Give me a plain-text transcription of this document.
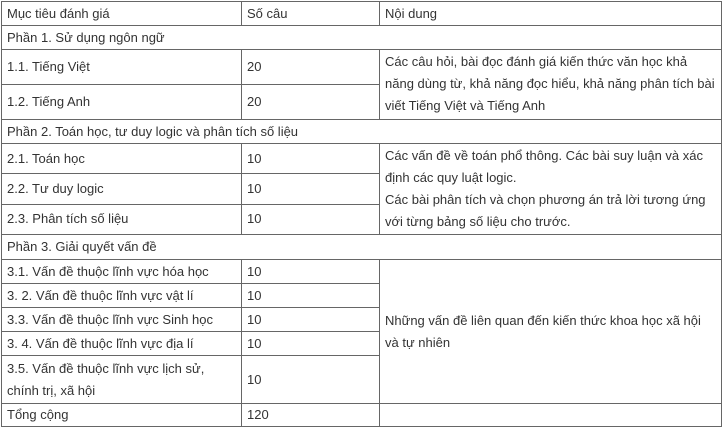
Mục tiêu đánh giá	Số câu	Nội dung
Phần 1. Sử dụng ngôn ngữ		
1.1. Tiếng Việt	20	Các câu hỏi, bài đọc đánh giá kiến thức văn học khả năng dùng từ, khả năng đọc hiểu, khả năng phân tích bài viết Tiếng Việt và Tiếng Anh
1.2. Tiếng Anh	20	
Phần 2. Toán học, tư duy logic và phân tích số liệu		
2.1. Toán học	10	Các vấn đề về toán phổ thông. Các bài suy luận và xác định các quy luật logic.
Các bài phân tích và chọn phương án trả lời tương ứng với từng bảng số liệu cho trước.

2.2. Tư duy logic	10	
2.3. Phân tích số liệu	10	
Phần 3. Giải quyết vấn đề		
3.1. Vấn đề thuộc lĩnh vực hóa học	10	Những vấn đề liên quan đến kiến thức khoa học xã hội và tự nhiên
3. 2. Vấn đề thuộc lĩnh vực vật lí	10	
3.3. Vấn đề thuộc lĩnh vực Sinh học	10	
3. 4. Vấn đề thuộc lĩnh vực địa lí	10	
3.5. Vấn đề thuộc lĩnh vực lịch sử, chính trị, xã hội	10	
Tổng cộng	120	
